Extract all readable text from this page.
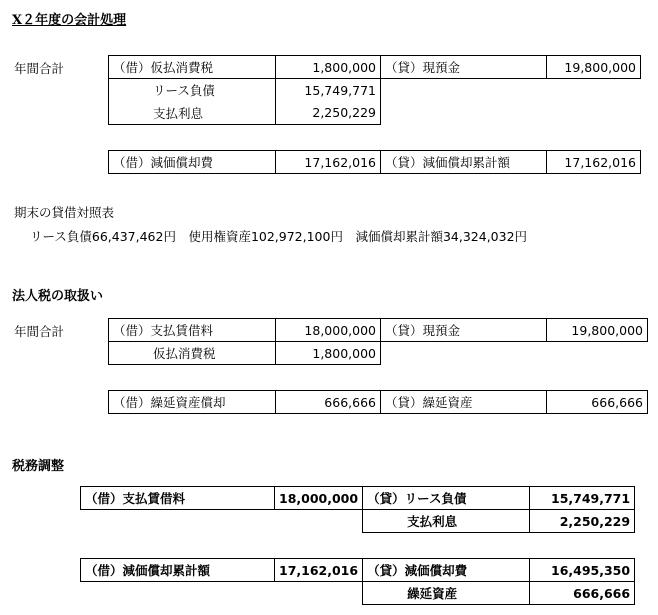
X２年度の会計処理
年間合計	（借）仮払消費税	1,800,000	（貸）現預金	19,800,000
リース負債	15,749,771		
支払利息	2,250,229		
（借）減価償却費	17,162,016	（貸）減価償却累計額	17,162,016
期末の貸借対照表
リース負債66,437,462円　使用権資産102,972,100円　減価償却累計額34,324,032円
法人税の取扱い
年間合計	（借）支払賃借料	18,000,000	（貸）現預金	19,800,000
仮払消費税	1,800,000		
（借）繰延資産償却	666,666	（貸）繰延資産	666,666
税務調整
（借）支払賃借料	18,000,000	（貸）リース負債	15,749,771
		支払利息	2,250,229
（借）減価償却累計額	17,162,016	（貸）減価償却費	16,495,350
		繰延資産	666,666
